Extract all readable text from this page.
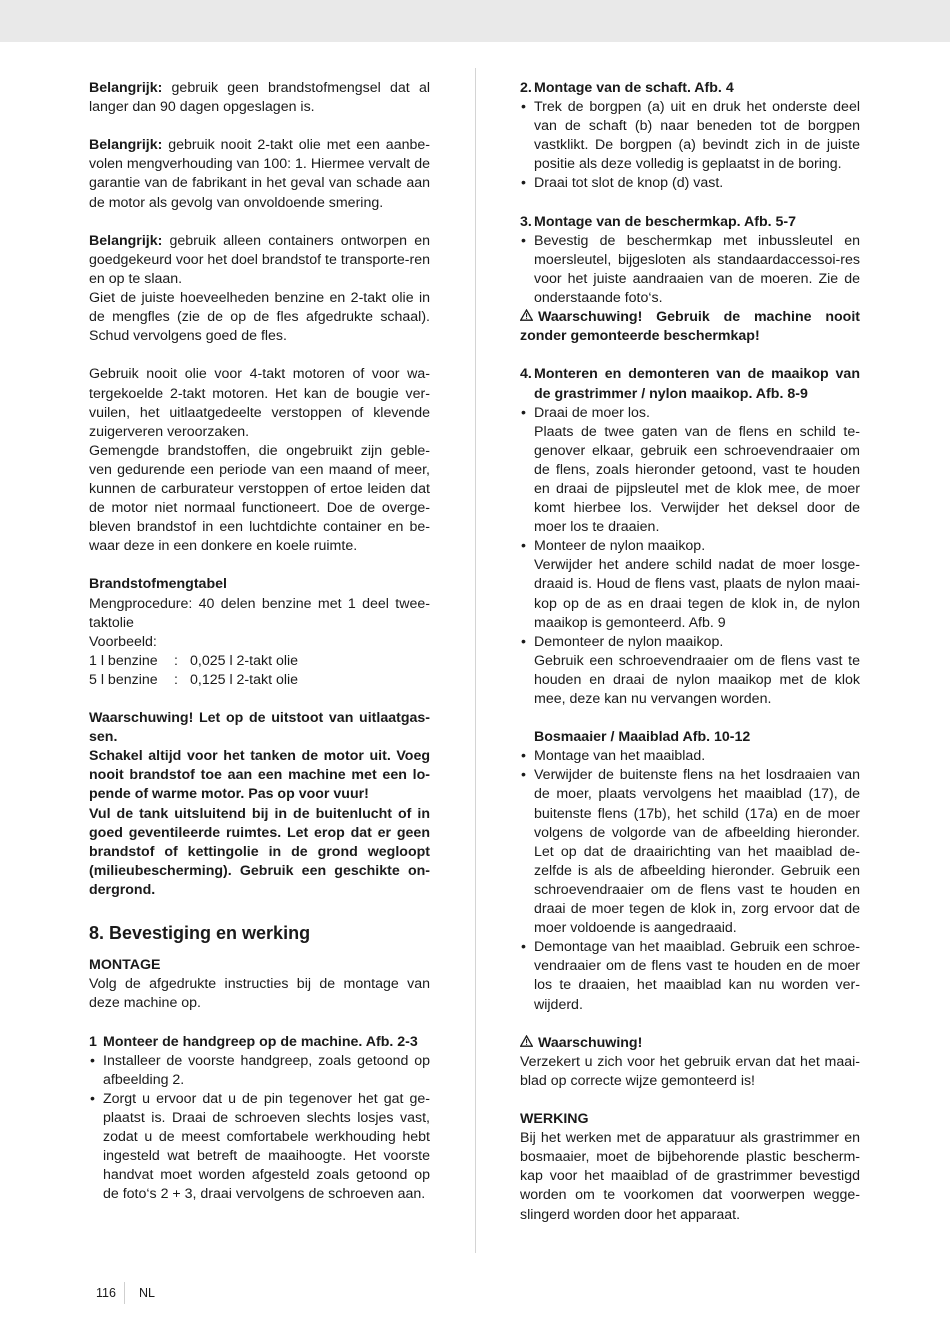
Belangrijk: gebruik geen brandstofmengsel dat al langer dan 90 dagen opgeslagen is.

Belangrijk: gebruik nooit 2-takt olie met een aanbe-volen mengverhouding van 100: 1. Hiermee vervalt de garantie van de fabrikant in het geval van schade aan de motor als gevolg van onvoldoende smering.

Belangrijk: gebruik alleen containers ontworpen en goedgekeurd voor het doel brandstof te transporte-ren en op te slaan.

Giet de juiste hoeveelheden benzine en 2-takt olie in de mengfles (zie de op de fles afgedrukte schaal). Schud vervolgens goed de fles.

Gebruik nooit olie voor 4-takt motoren of voor wa-tergekoelde 2-takt motoren. Het kan de bougie ver-vuilen, het uitlaatgedeelte verstoppen of klevende zuigerveren veroorzaken.

Gemengde brandstoffen, die ongebruikt zijn geble-ven gedurende een periode van een maand of meer, kunnen de carburateur verstoppen of ertoe leiden dat de motor niet normaal functioneert. Doe de overge-bleven brandstof in een luchtdichte container en be-waar deze in een donkere en koele ruimte.

Brandstofmengtabel

Mengprocedure: 40 delen benzine met 1 deel twee-taktolie

Voorbeeld:

1 l benzine	: 0,025 l 2-takt olie
5 l benzine	: 0,125 l 2-takt olie

Waarschuwing! Let op de uitstoot van uitlaatgas-sen.

Schakel altijd voor het tanken de motor uit. Voeg nooit brandstof toe aan een machine met een lo-pende of warme motor. Pas op voor vuur!

Vul de tank uitsluitend bij in de buitenlucht of in goed geventileerde ruimtes. Let erop dat er geen brandstof of kettingolie in de grond wegloopt (milieubescherming). Gebruik een geschikte on-dergrond.

8. Bevestiging en werking

MONTAGE

Volg de afgedrukte instructies bij de montage van deze machine op.

1 Monteer de handgreep op de machine. Afb. 2-3

• Installeer de voorste handgreep, zoals getoond op afbeelding 2.
• Zorgt u ervoor dat u de pin tegenover het gat ge-plaatst is. Draai de schroeven slechts losjes vast, zodat u de meest comfortabele werkhouding hebt ingesteld wat betreft de maaihoogte. Het voorste handvat moet worden afgesteld zoals getoond op de foto‘s 2 + 3, draai vervolgens de schroeven aan.

2. Montage van de schaft. Afb. 4

• Trek de borgpen (a) uit en druk het onderste deel van de schaft (b) naar beneden tot de borgpen vastklikt. De borgpen (a) bevindt zich in de juiste positie als deze volledig is geplaatst in de boring.
• Draai tot slot de knop (d) vast.

3. Montage van de beschermkap. Afb. 5-7

• Bevestig de beschermkap met inbussleutel en moersleutel, bijgesloten als standaardaccessoi-res voor het juiste aandraaien van de moeren. Zie de onderstaande foto‘s.

Waarschuwing! Gebruik de machine nooit zonder gemonteerde beschermkap!

4. Monteren en demonteren van de maaikop van de grastrimmer / nylon maaikop. Afb. 8-9

• Draai de moer los.
Plaats de twee gaten van de flens en schild te-genover elkaar, gebruik een schroevendraaier om de flens, zoals hieronder getoond, vast te houden en draai de pijpsleutel met de klok mee, de moer komt hierbee los. Verwijder het deksel door de moer los te draaien.
• Monteer de nylon maaikop.
Verwijder het andere schild nadat de moer losge-draaid is. Houd de flens vast, plaats de nylon maai-kop op de as en draai tegen de klok in, de nylon maaikop is gemonteerd. Afb. 9
• Demonteer de nylon maaikop.
Gebruik een schroevendraaier om de flens vast te houden en draai de nylon maaikop met de klok mee, deze kan nu vervangen worden.

Bosmaaier / Maaiblad Afb. 10-12

• Montage van het maaiblad.
• Verwijder de buitenste flens na het losdraaien van de moer, plaats vervolgens het maaiblad (17), de buitenste flens (17b), het schild (17a) en de moer volgens de volgorde van de afbeelding hieronder. Let op dat de draairichting van het maaiblad de-zelfde is als de afbeelding hieronder. Gebruik een schroevendraaier om de flens vast te houden en draai de moer tegen de klok in, zorg ervoor dat de moer voldoende is aangedraaid.
• Demontage van het maaiblad. Gebruik een schroe-vendraaier om de flens vast te houden en de moer los te draaien, het maaiblad kan nu worden ver-wijderd.

Waarschuwing!

Verzekert u zich voor het gebruik ervan dat het maai-blad op correcte wijze gemonteerd is!

WERKING

Bij het werken met de apparatuur als grastrimmer en bosmaaier, moet de bijbehorende plastic bescherm-kap voor het maaiblad of de grastrimmer bevestigd worden om te voorkomen dat voorwerpen wegge-slingerd worden door het apparaat.

116 NL
